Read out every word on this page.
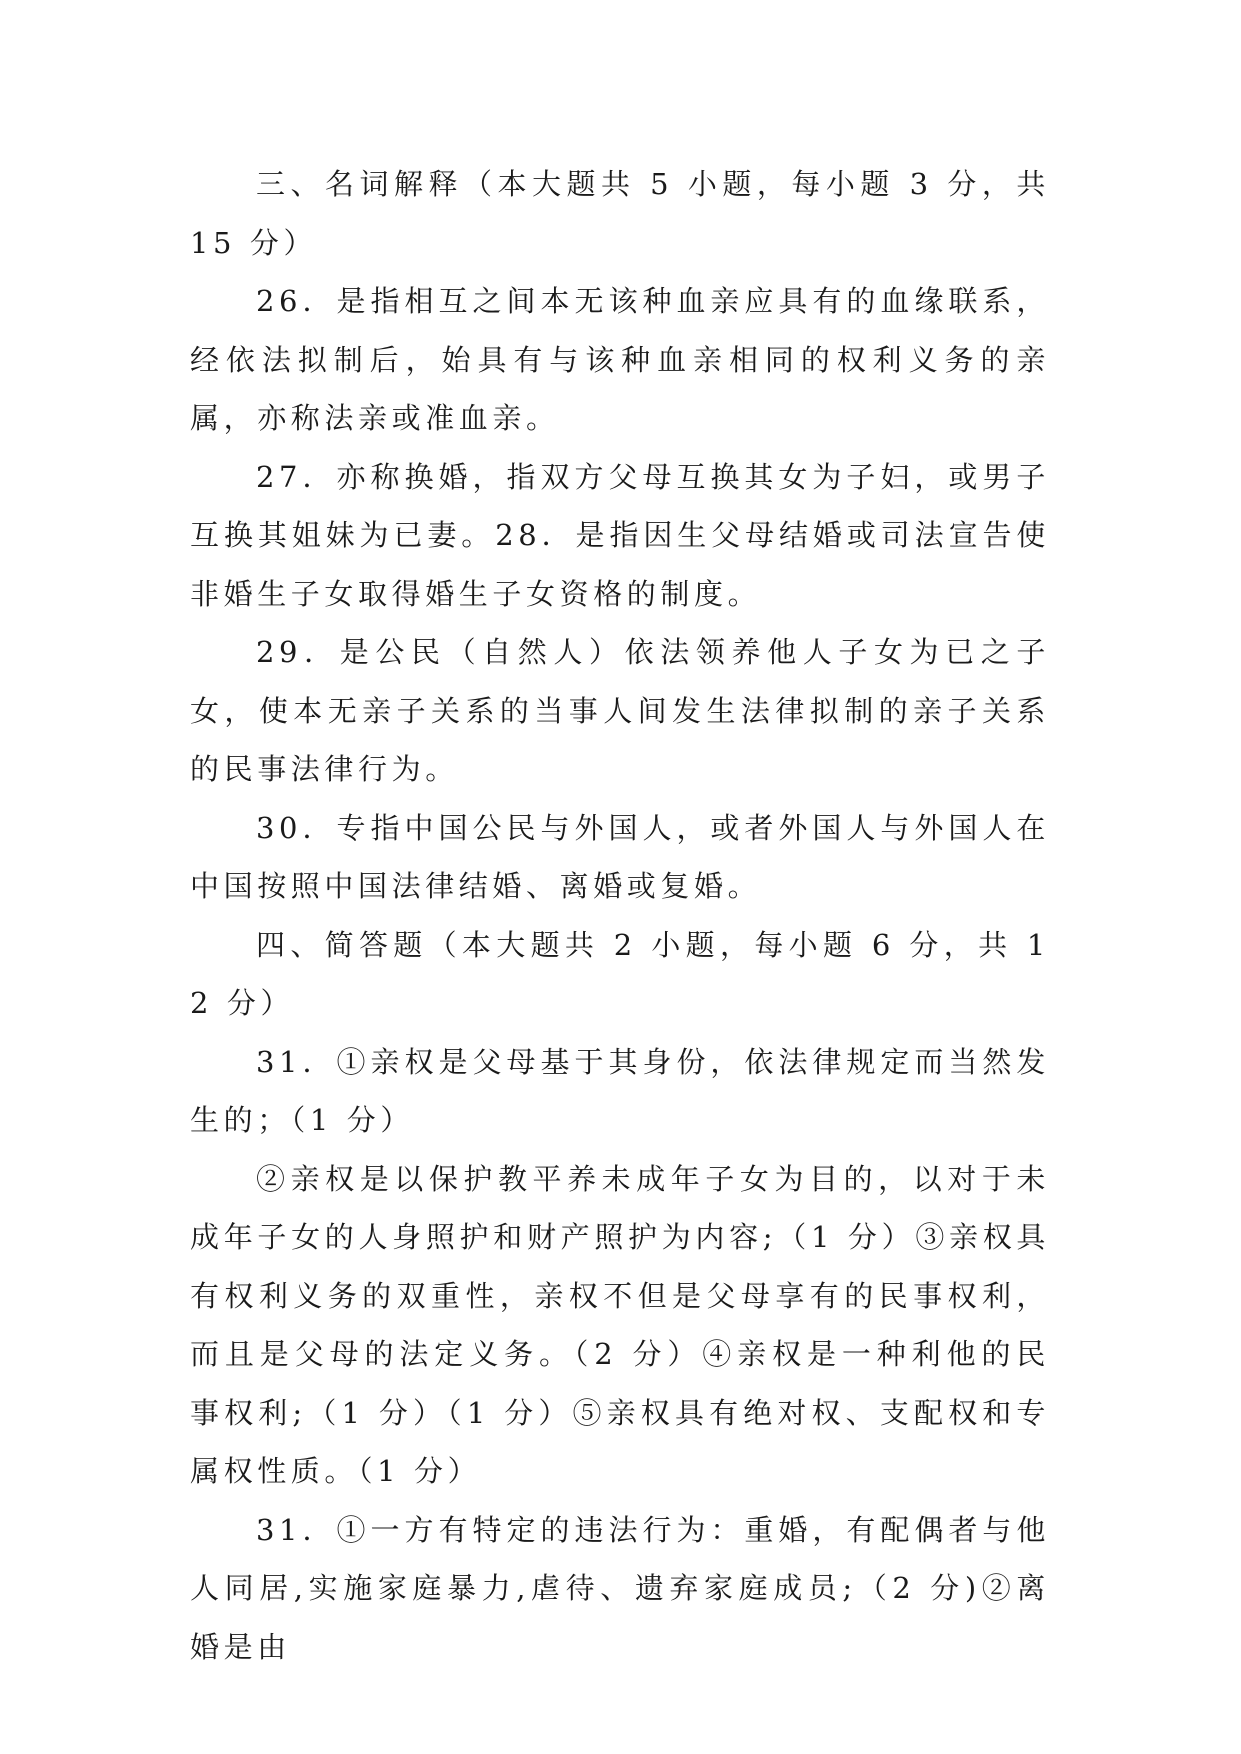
三、名词解释（本大题共 5 小题，每小题 3 分，共 15 分）

26．是指相互之间本无该种血亲应具有的血缘联系，经依法拟制后，始具有与该种血亲相同的权利义务的亲属，亦称法亲或准血亲。

27．亦称换婚，指双方父母互换其女为子妇，或男子互换其姐妹为已妻。28．是指因生父母结婚或司法宣告使非婚生子女取得婚生子女资格的制度。

29．是公民（自然人）依法领养他人子女为已之子女，使本无亲子关系的当事人间发生法律拟制的亲子关系的民事法律行为。

30．专指中国公民与外国人，或者外国人与外国人在中国按照中国法律结婚、离婚或复婚。

四、简答题（本大题共 2 小题，每小题 6 分，共 12 分）

31．①亲权是父母基于其身份，依法律规定而当然发生的；（1 分）

②亲权是以保护教平养未成年子女为目的，以对于未成年子女的人身照护和财产照护为内容;（1 分）③亲权具有权利义务的双重性，亲权不但是父母享有的民事权利，而且是父母的法定义务。（2 分）④亲权是一种利他的民事权利;（1 分）（1 分）⑤亲权具有绝对权、支配权和专属权性质。（1 分）

31．①一方有特定的违法行为：重婚，有配偶者与他人同居,实施家庭暴力,虐待、遗弃家庭成员;（2 分)②离婚是由
